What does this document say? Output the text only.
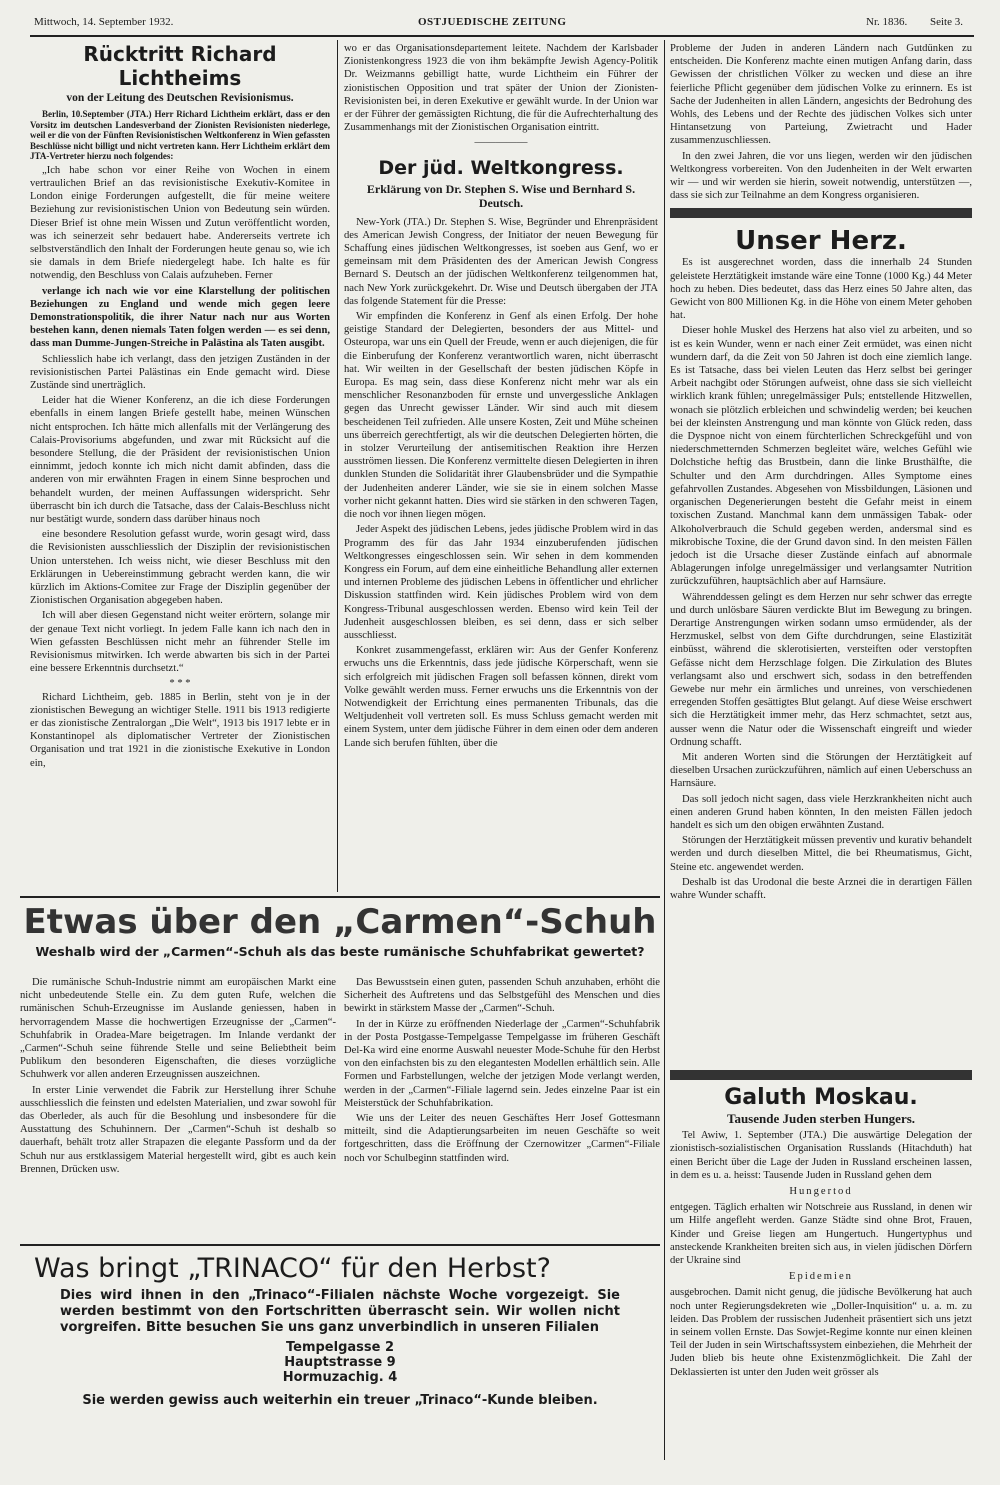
Mittwoch, 14. September 1932.	OSTJUEDISCHE ZEITUNG	Nr. 1836. Seite 3.
Rücktritt Richard Lichtheims
von der Leitung des Deutschen Revisionismus.

Berlin, 10.September (JTA.) Herr Richard Lichtheim erklärt, dass er den Vorsitz im deutschen Landesverband der Zionisten Revisionisten niederlege, weil er die von der Fünften Revisionistischen Weltkonferenz in Wien gefassten Beschlüsse nicht billigt und nicht vertreten kann. Herr Lichtheim erklärt dem JTA-Vertreter hierzu noch folgendes:

„Ich habe schon vor einer Reihe von Wochen in einem vertraulichen Brief an das revisionistische Exekutiv-Komitee in London einige Forderungen aufgestellt, die für meine weitere Beziehung zur revisionistischen Union von Bedeutung sein würden. Dieser Brief ist ohne mein Wissen und Zutun veröffentlicht worden, was ich seinerzeit sehr bedauert habe. Andererseits vertrete ich selbstverständlich den Inhalt der Forderungen heute genau so, wie ich sie damals in dem Briefe niedergelegt habe. Ich halte es für notwendig, den Beschluss von Calais aufzuheben. Ferner

verlange ich nach wie vor eine Klarstellung der politischen Beziehungen zu England und wende mich gegen leere Demonstrationspolitik, die ihrer Natur nach nur aus Worten bestehen kann, denen niemals Taten folgen werden — es sei denn, dass man Dumme-Jungen-Streiche in Palästina als Taten ausgibt.

Schliesslich habe ich verlangt, dass den jetzigen Zuständen in der revisionistischen Partei Palästinas ein Ende gemacht wird. Diese Zustände sind unerträglich.

Leider hat die Wiener Konferenz, an die ich diese Forderungen ebenfalls in einem langen Briefe gestellt habe, meinen Wünschen nicht entsprochen. Ich hätte mich allenfalls mit der Verlängerung des Calais-Provisoriums abgefunden, und zwar mit Rücksicht auf die besondere Stellung, die der Präsident der revisionistischen Union einnimmt, jedoch konnte ich mich nicht damit abfinden, dass die anderen von mir erwähnten Fragen in einem Sinne besprochen und behandelt wurden, der meinen Auffassungen widerspricht. Sehr überrascht bin ich durch die Tatsache, dass der Calais-Beschluss nicht nur bestätigt wurde, sondern dass darüber hinaus noch

eine besondere Resolution gefasst wurde, worin gesagt wird, dass die Revisionisten ausschliesslich der Disziplin der revisionistischen Union unterstehen. Ich weiss nicht, wie dieser Beschluss mit den Erklärungen in Uebereinstimmung gebracht werden kann, die wir kürzlich im Aktions-Comitee zur Frage der Disziplin gegenüber der Zionistischen Organisation abgegeben haben.

Ich will aber diesen Gegenstand nicht weiter erörtern, solange mir der genaue Text nicht vorliegt. In jedem Falle kann ich nach den in Wien gefassten Beschlüssen nicht mehr an führender Stelle im Revisionismus mitwirken. Ich werde abwarten bis sich in der Partei eine bessere Erkenntnis durchsetzt.“

* * *

Richard Lichtheim, geb. 1885 in Berlin, steht von je in der zionistischen Bewegung an wichtiger Stelle. 1911 bis 1913 redigierte er das zionistische Zentralorgan „Die Welt“, 1913 bis 1917 lebte er in Konstantinopel als diplomatischer Vertreter der Zionistischen Organisation und trat 1921 in die zionistische Exekutive in London ein,

wo er das Organisationsdepartement leitete. Nachdem der Karlsbader Zionistenkongress 1923 die von ihm bekämpfte Jewish Agency-Politik Dr. Weizmanns gebilligt hatte, wurde Lichtheim ein Führer der zionistischen Opposition und trat später der Union der Zionisten-Revisionisten bei, in deren Exekutive er gewählt wurde. In der Union war er der Führer der gemässigten Richtung, die für die Aufrechterhaltung des Zusammenhangs mit der Zionistischen Organisation eintritt.

—————
Der jüd. Weltkongress.
Erklärung von Dr. Stephen S. Wise und Bernhard S. Deutsch.

New-York (JTA.) Dr. Stephen S. Wise, Begründer und Ehrenpräsident des American Jewish Congress, der Initiator der neuen Bewegung für Schaffung eines jüdischen Weltkongresses, ist soeben aus Genf, wo er gemeinsam mit dem Präsidenten des der American Jewish Congress Bernard S. Deutsch an der jüdischen Weltkonferenz teilgenommen hat, nach New York zurückgekehrt. Dr. Wise und Deutsch übergaben der JTA das folgende Statement für die Presse:

Wir empfinden die Konferenz in Genf als einen Erfolg. Der hohe geistige Standard der Delegierten, besonders der aus Mittel- und Osteuropa, war uns ein Quell der Freude, wenn er auch diejenigen, die für die Einberufung der Konferenz verantwortlich waren, nicht überrascht hat. Wir weilten in der Gesellschaft der besten jüdischen Köpfe in Europa. Es mag sein, dass diese Konferenz nicht mehr war als ein menschlicher Resonanzboden für ernste und unvergessliche Anklagen gegen das Unrecht gewisser Länder. Wir sind auch mit diesem bescheidenen Teil zufrieden. Alle unsere Kosten, Zeit und Mühe scheinen uns überreich gerechtfertigt, als wir die deutschen Delegierten hörten, die in stolzer Verurteilung der antisemitischen Reaktion ihre Herzen ausströmen liessen. Die Konferenz vermittelte diesen Delegierten in ihren dunklen Stunden die Solidarität ihrer Glaubensbrüder und die Sympathie der Judenheiten anderer Länder, wie sie sie in einem solchen Masse vorher nicht gekannt hatten. Dies wird sie stärken in den schweren Tagen, die noch vor ihnen liegen mögen.

Jeder Aspekt des jüdischen Lebens, jedes jüdische Problem wird in das Programm des für das Jahr 1934 einzuberufenden jüdischen Weltkongresses eingeschlossen sein. Wir sehen in dem kommenden Kongress ein Forum, auf dem eine einheitliche Behandlung aller externen und internen Probleme des jüdischen Lebens in öffentlicher und ehrlicher Diskussion stattfinden wird. Kein jüdisches Problem wird von dem Kongress-Tribunal ausgeschlossen werden. Ebenso wird kein Teil der Judenheit ausgeschlossen bleiben, es sei denn, dass er sich selber ausschliesst.

Konkret zusammengefasst, erklären wir: Aus der Genfer Konferenz erwuchs uns die Erkenntnis, dass jede jüdische Körperschaft, wenn sie sich erfolgreich mit jüdischen Fragen soll befassen können, direkt vom Volke gewählt werden muss. Ferner erwuchs uns die Erkenntnis von der Notwendigkeit der Errichtung eines permanenten Tribunals, das die Weltjudenheit voll vertreten soll. Es muss Schluss gemacht werden mit einem System, unter dem jüdische Führer in dem einen oder dem anderen Lande sich berufen fühlten, über die

Probleme der Juden in anderen Ländern nach Gutdünken zu entscheiden. Die Konferenz machte einen mutigen Anfang darin, dass Gewissen der christlichen Völker zu wecken und diese an ihre feierliche Pflicht gegenüber dem jüdischen Volke zu erinnern. Es ist Sache der Judenheiten in allen Ländern, angesichts der Bedrohung des Wohls, des Lebens und der Rechte des jüdischen Volkes sich unter Hintansetzung von Parteiung, Zwietracht und Hader zusammenzuschliessen.

In den zwei Jahren, die vor uns liegen, werden wir den jüdischen Weltkongress vorbereiten. Von den Judenheiten in der Welt erwarten wir — und wir werden sie hierin, soweit notwendig, unterstützen —, dass sie sich zur Teilnahme an dem Kongress organisieren.

Unser Herz.

Es ist ausgerechnet worden, dass die innerhalb 24 Stunden geleistete Herztätigkeit imstande wäre eine Tonne (1000 Kg.) 44 Meter hoch zu heben. Dies bedeutet, dass das Herz eines 50 Jahre alten, das Gewicht von 800 Millionen Kg. in die Höhe von einem Meter gehoben hat.

Dieser hohle Muskel des Herzens hat also viel zu arbeiten, und so ist es kein Wunder, wenn er nach einer Zeit ermüdet, was einen nicht wundern darf, da die Zeit von 50 Jahren ist doch eine ziemlich lange. Es ist Tatsache, dass bei vielen Leuten das Herz selbst bei geringer Arbeit nachgibt oder Störungen aufweist, ohne dass sie sich vielleicht wirklich krank fühlen; unregelmässiger Puls; entstellende Hitzwellen, wonach sie plötzlich erbleichen und schwindelig werden; bei keuchen bei der kleinsten Anstrengung und man könnte von Glück reden, dass die Dyspnoe nicht von einem fürchterlichen Schreckgefühl und von niederschmetternden Schmerzen begleitet wäre, welches Gefühl wie Dolchstiche heftig das Brustbein, dann die linke Brusthälfte, die Schulter und den Arm durchdringen. Alles Symptome eines gefahrvollen Zustandes. Abgesehen von Missbildungen, Läsionen und organischen Degenerierungen besteht die Gefahr meist in einem toxischen Zustand. Manchmal kann dem unmässigen Tabak- oder Alkoholverbrauch die Schuld gegeben werden, andersmal sind es mikrobische Toxine, die der Grund davon sind. In den meisten Fällen jedoch ist die Ursache dieser Zustände einfach auf abnormale Ablagerungen infolge unregelmässiger und verlangsamter Nutrition zurückzuführen, hauptsächlich aber auf Harnsäure.

Währenddessen gelingt es dem Herzen nur sehr schwer das erregte und durch unlösbare Säuren verdickte Blut im Bewegung zu bringen. Derartige Anstrengungen wirken sodann umso ermüdender, als der Herzmuskel, selbst von dem Gifte durchdrungen, seine Elastizität einbüsst, während die sklerotisierten, versteiften oder verstopften Gefässe nicht dem Herzschlage folgen. Die Zirkulation des Blutes verlangsamt also und erschwert sich, sodass in den betreffenden Gewebe nur mehr ein ärmliches und unreines, von verschiedenen erregenden Stoffen gesättigtes Blut gelangt. Auf diese Weise erschwert sich die Herztätigkeit immer mehr, das Herz schmachtet, setzt aus, ausser wenn die Natur oder die Wissenschaft eingreift und wieder Ordnung schafft.

Mit anderen Worten sind die Störungen der Herztätigkeit auf dieselben Ursachen zurückzuführen, nämlich auf einen Ueberschuss an Harnsäure.

Das soll jedoch nicht sagen, dass viele Herzkrankheiten nicht auch einen anderen Grund haben könnten, In den meisten Fällen jedoch handelt es sich um den obigen erwähnten Zustand.

Störungen der Herztätigkeit müssen preventiv und kurativ behandelt werden und durch dieselben Mittel, die bei Rheumatismus, Gicht, Steine etc. angewendet werden.

Deshalb ist das Urodonal die beste Arznei die in derartigen Fällen wahre Wunder schafft.

Galuth Moskau.
Tausende Juden sterben Hungers.

Tel Awiw, 1. September (JTA.) Die auswärtige Delegation der zionistisch-sozialistischen Organisation Russlands (Hitachduth) hat einen Bericht über die Lage der Juden in Russland erscheinen lassen, in dem es u. a. heisst: Tausende Juden in Russland gehen dem

Hungertod

entgegen. Täglich erhalten wir Notschreie aus Russland, in denen wir um Hilfe angefleht werden. Ganze Städte sind ohne Brot, Frauen, Kinder und Greise liegen am Hungertuch. Hungertyphus und ansteckende Krankheiten breiten sich aus, in vielen jüdischen Dörfern der Ukraine sind

Epidemien

ausgebrochen. Damit nicht genug, die jüdische Bevölkerung hat auch noch unter Regierungsdekreten wie „Doller-Inquisition“ u. a. m. zu leiden. Das Problem der russischen Judenheit präsentiert sich uns jetzt in seinem vollen Ernste. Das Sowjet-Regime konnte nur einen kleinen Teil der Juden in sein Wirtschaftssystem einbeziehen, die Mehrheit der Juden blieb bis heute ohne Existenzmöglichkeit. Die Zahl der Deklassierten ist unter den Juden weit grösser als

Etwas über den „Carmen“-Schuh
Weshalb wird der „Carmen“-Schuh als das beste rumänische Schuhfabrikat gewertet?

Die rumänische Schuh-Industrie nimmt am europäischen Markt eine nicht unbedeutende Stelle ein. Zu dem guten Rufe, welchen die rumänischen Schuh-Erzeugnisse im Auslande geniessen, haben in hervorragendem Masse die hochwertigen Erzeugnisse der „Carmen“-Schuhfabrik in Oradea-Mare beigetragen. Im Inlande verdankt der „Carmen“-Schuh seine führende Stelle und seine Beliebtheit beim Publikum den besonderen Eigenschaften, die dieses vorzügliche Schuhwerk vor allen anderen Erzeugnissen auszeichnen.

In erster Linie verwendet die Fabrik zur Herstellung ihrer Schuhe ausschliesslich die feinsten und edelsten Materialien, und zwar sowohl für das Oberleder, als auch für die Besohlung und insbesondere für die Ausstattung des Schuhinnern. Der „Carmen“-Schuh ist deshalb so dauerhaft, behält trotz aller Strapazen die elegante Passform und da der Schuh nur aus erstklassigem Material hergestellt wird, gibt es auch kein Brennen, Drücken usw.

Das Bewusstsein einen guten, passenden Schuh anzuhaben, erhöht die Sicherheit des Auftretens und das Selbstgefühl des Menschen und dies bewirkt in stärkstem Masse der „Carmen“-Schuh.

In der in Kürze zu eröffnenden Niederlage der „Carmen“-Schuhfabrik in der Posta Postgasse-Tempelgasse Tempelgasse im früheren Geschäft Del-Ka wird eine enorme Auswahl neuester Mode-Schuhe für den Herbst von den einfachsten bis zu den elegantesten Modellen erhältlich sein. Alle Formen und Farbstellungen, welche der jetzigen Mode verlangt werden, werden in der „Carmen“-Filiale lagernd sein. Jedes einzelne Paar ist ein Meisterstück der Schuhfabrikation.

Wie uns der Leiter des neuen Geschäftes Herr Josef Gottesmann mitteilt, sind die Adaptierungsarbeiten im neuen Geschäfte so weit fortgeschritten, dass die Eröffnung der Czernowitzer „Carmen“-Filiale noch vor Schulbeginn stattfinden wird.

Was bringt „TRINACO“ für den Herbst?
Dies wird ihnen in den „Trinaco“-Filialen nächste Woche vorgezeigt. Sie werden bestimmt von den Fortschritten überrascht sein. Wir wollen nicht vorgreifen. Bitte besuchen Sie uns ganz unverbindlich in unseren Filialen
Tempelgasse 2
Hauptstrasse 9
Hormuzachig. 4
Sie werden gewiss auch weiterhin ein treuer „Trinaco“-Kunde bleiben.
